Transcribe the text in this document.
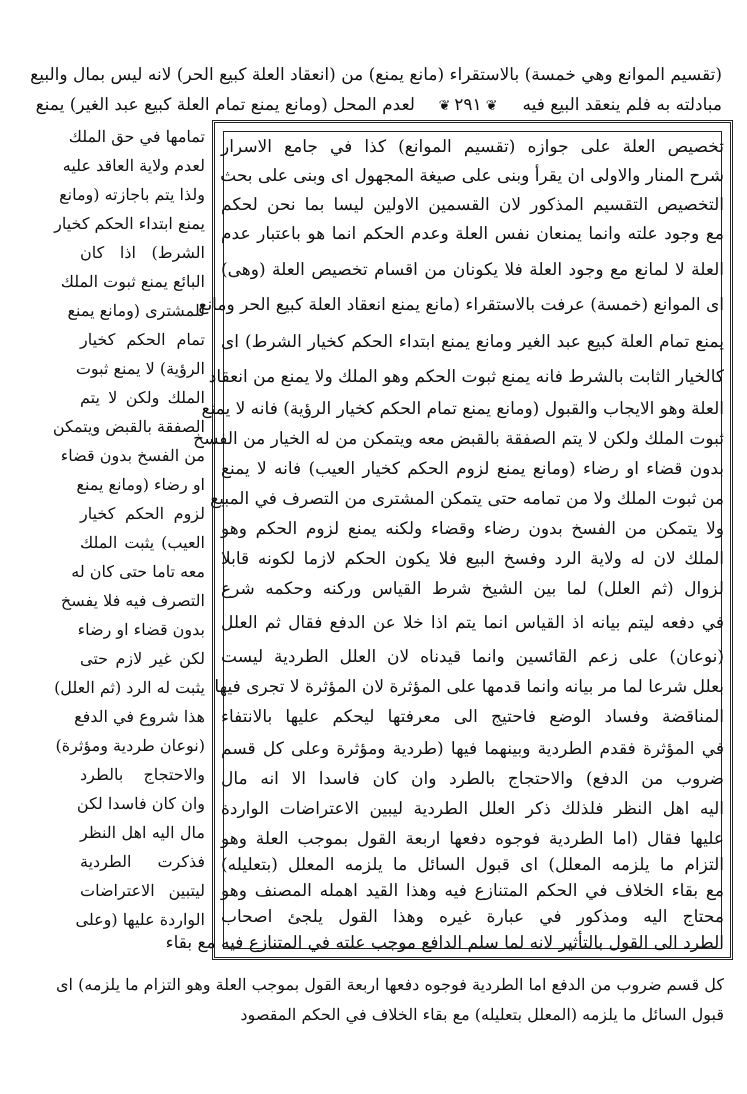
(تقسيم الموانع وهي خمسة) بالاستقراء (مانع يمنع) من (انعقاد العلة كبيع الحر) لانه ليس بمال والبيع
مبادلته به فلم ينعقد البيع فيه
❦ ٢٩١ ❦
لعدم المحل (ومانع يمنع تمام العلة كبيع عبد الغير) يمنع
تخصيص العلة على جوازه (تقسيم الموانع) كذا في جامع الاسرار
شرح المنار والاولى ان يقرأ وبنى على صيغة المجهول اى وبنى على بحث
التخصيص التقسيم المذكور لان القسمين الاولين ليسا بما نحن لحكم
مع وجود علته وانما يمنعان نفس العلة وعدم الحكم انما هو باعتبار عدم
العلة لا لمانع مع وجود العلة فلا يكونان من اقسام تخصيص العلة (وهى)
اى الموانع (خمسة) عرفت بالاستقراء (مانع يمنع انعقاد العلة كبيع الحر ومانع
يمنع تمام العلة كبيع عبد الغير ومانع يمنع ابتداء الحكم كخيار الشرط) اى
كالخيار الثابت بالشرط فانه يمنع ثبوت الحكم وهو الملك ولا يمنع من انعقاد
العلة وهو الايجاب والقبول (ومانع يمنع تمام الحكم كخيار الرؤية) فانه لا يمنع
ثبوت الملك ولكن لا يتم الصفقة بالقبض معه ويتمكن من له الخيار من الفسخ
بدون قضاء او رضاء (ومانع يمنع لزوم الحكم كخيار العيب) فانه لا يمنع
من ثبوت الملك ولا من تمامه حتى يتمكن المشترى من التصرف في المبيع
ولا يتمكن من الفسخ بدون رضاء وقضاء ولكنه يمنع لزوم الحكم وهو
الملك لان له ولاية الرد وفسخ البيع فلا يكون الحكم لازما لكونه قابلا
لزوال (ثم العلل) لما بين الشيخ شرط القياس وركنه وحكمه شرع
في دفعه ليتم بيانه اذ القياس انما يتم اذا خلا عن الدفع فقال ثم العلل
(نوعان) على زعم القائسين وانما قيدناه لان العلل الطردية ليست
بعلل شرعا لما مر بيانه وانما قدمها على المؤثرة لان المؤثرة لا تجرى فيها
المناقضة وفساد الوضع فاحتيج الى معرفتها ليحكم عليها بالانتفاء
في المؤثرة فقدم الطردية وبينهما فيها (طردية ومؤثرة وعلى كل قسم
ضروب من الدفع) والاحتجاج بالطرد وان كان فاسدا الا انه مال
اليه اهل النظر فلذلك ذكر العلل الطردية ليبين الاعتراضات الواردة
عليها فقال (اما الطردية فوجوه دفعها اربعة القول بموجب العلة وهو
التزام ما يلزمه المعلل) اى قبول السائل ما يلزمه المعلل (بتعليله)
مع بقاء الخلاف في الحكم المتنازع فيه وهذا القيد اهمله المصنف وهو
محتاج اليه ومذكور في عبارة غيره وهذا القول يلجئ اصحاب
الطرد الى القول بالتأثير لانه لما سلم الدافع موجب علته في المتنازع فيه مع بقاء
تمامها في حق الملك
لعدم ولاية العاقد عليه
ولذا يتم باجازته (ومانع
يمنع ابتداء الحكم كخيار
الشرط) اذا كان
البائع يمنع ثبوت الملك
للمشترى (ومانع يمنع
تمام الحكم كخيار
الرؤية) لا يمنع ثبوت
الملك ولكن لا يتم
الصفقة بالقبض ويتمكن
من الفسخ بدون قضاء
او رضاء (ومانع يمنع
لزوم الحكم كخيار
العيب) يثبت الملك
معه تاما حتى كان له
التصرف فيه فلا يفسخ
بدون قضاء او رضاء
لكن غير لازم حتى
يثبت له الرد (ثم العلل)
هذا شروع في الدفع
(نوعان طردية ومؤثرة)
والاحتجاج بالطرد
وان كان فاسدا لكن
مال اليه اهل النظر
فذكرت الطردية
ليتبين الاعتراضات
الواردة عليها (وعلى
كل قسم ضروب من الدفع اما الطردية فوجوه دفعها اربعة القول بموجب العلة وهو التزام ما يلزمه) اى
قبول السائل ما يلزمه (المعلل بتعليله) مع بقاء الخلاف في الحكم المقصود
